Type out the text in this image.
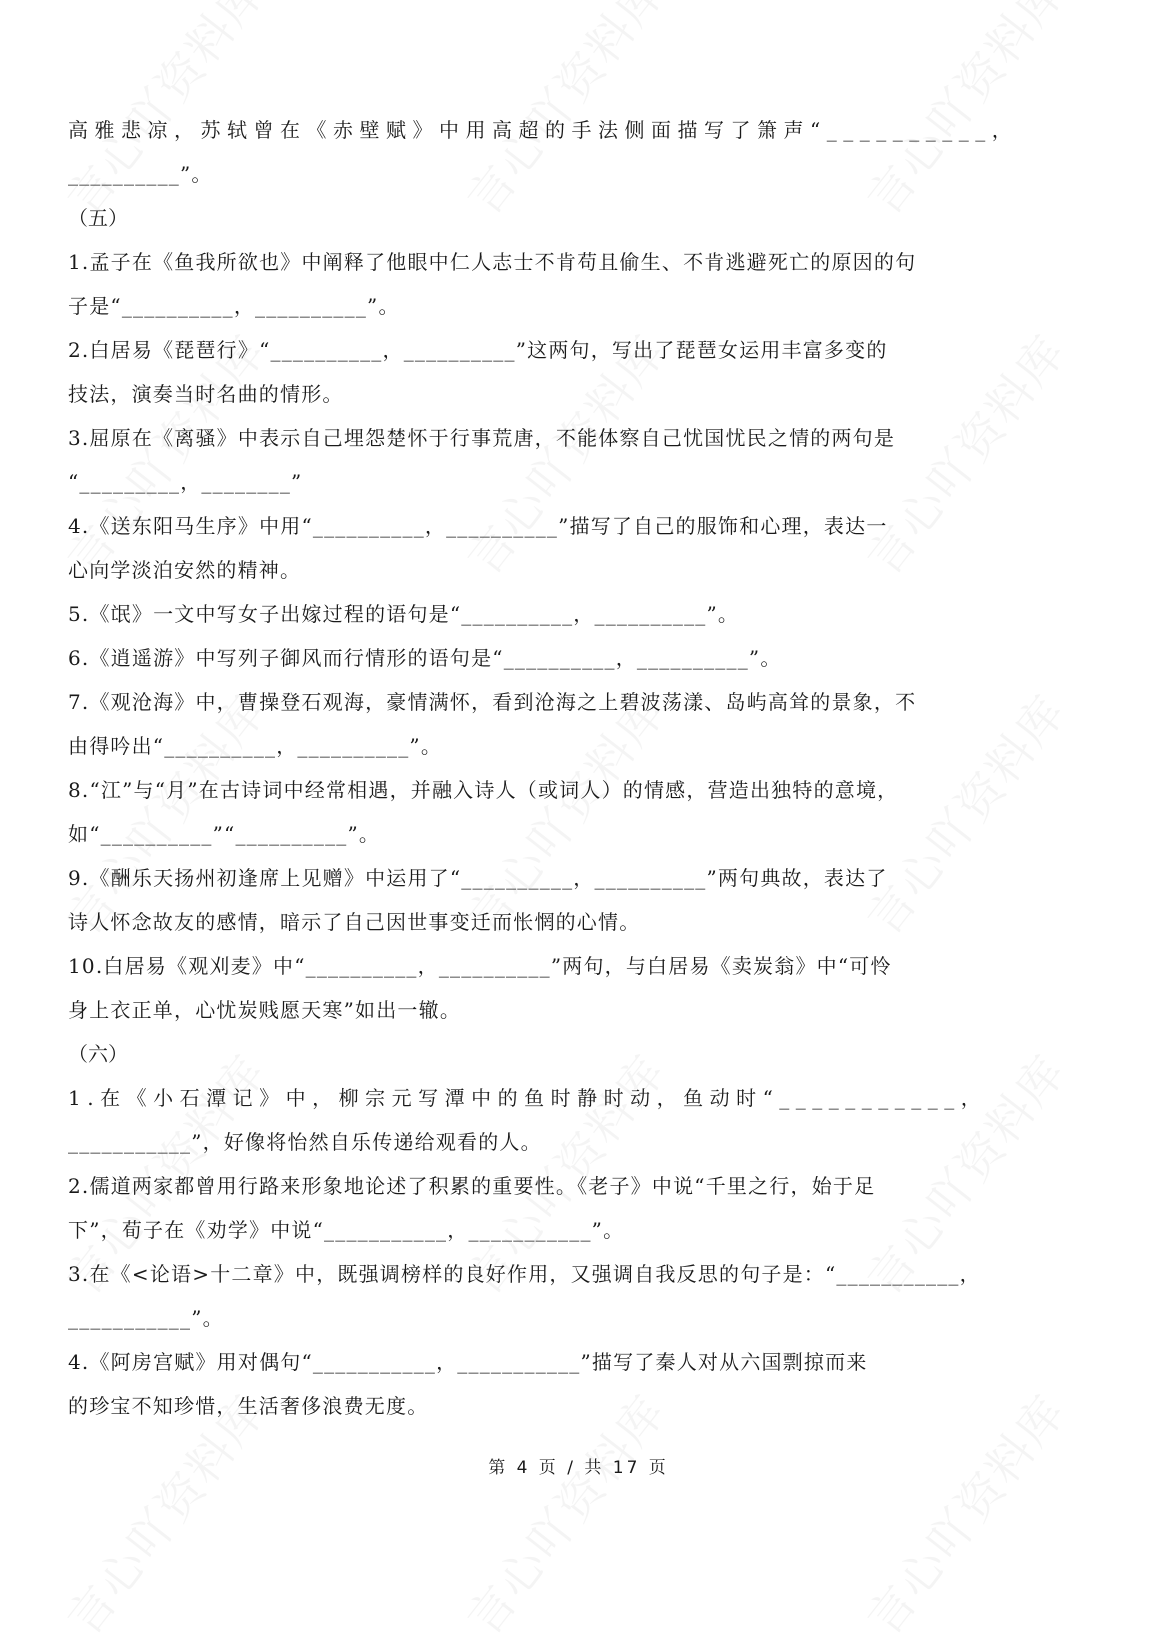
高雅悲凉，苏轼曾在《赤壁赋》中用高超的手法侧面描写了箫声“__________，
__________”。
（五）
1.孟子在《鱼我所欲也》中阐释了他眼中仁人志士不肯苟且偷生、不肯逃避死亡的原因的句
子是“__________，__________”。
2.白居易《琵琶行》“__________，__________”这两句，写出了琵琶女运用丰富多变的
技法，演奏当时名曲的情形。
3.屈原在《离骚》中表示自己埋怨楚怀于行事荒唐，不能体察自己忧国忧民之情的两句是
“_________，________”
4.《送东阳马生序》中用“__________，__________”描写了自己的服饰和心理，表达一
心向学淡泊安然的精神。
5.《氓》一文中写女子出嫁过程的语句是“__________，__________”。
6.《逍遥游》中写列子御风而行情形的语句是“__________，__________”。
7.《观沧海》中，曹操登石观海，豪情满怀，看到沧海之上碧波荡漾、岛屿高耸的景象，不
由得吟出“__________，__________”。
8.“江”与“月”在古诗词中经常相遇，并融入诗人（或词人）的情感，营造出独特的意境，
如“__________”“__________”。
9.《酬乐天扬州初逢席上见赠》中运用了“__________，__________”两句典故，表达了
诗人怀念故友的感情，暗示了自己因世事变迁而怅惘的心情。
10.白居易《观刈麦》中“__________，__________”两句，与白居易《卖炭翁》中“可怜
身上衣正单，心忧炭贱愿天寒”如出一辙。
（六）
1.在《小石潭记》中，柳宗元写潭中的鱼时静时动，鱼动时“___________，
___________”，好像将怡然自乐传递给观看的人。
2.儒道两家都曾用行路来形象地论述了积累的重要性。《老子》中说“千里之行，始于足
下”，荀子在《劝学》中说“___________，___________”。
3.在《<论语>十二章》中，既强调榜样的良好作用，又强调自我反思的句子是：“___________，
___________”。
4.《阿房宫赋》用对偶句“___________，___________”描写了秦人对从六国剽掠而来
的珍宝不知珍惜，生活奢侈浪费无度。
第 4 页 / 共 17 页
